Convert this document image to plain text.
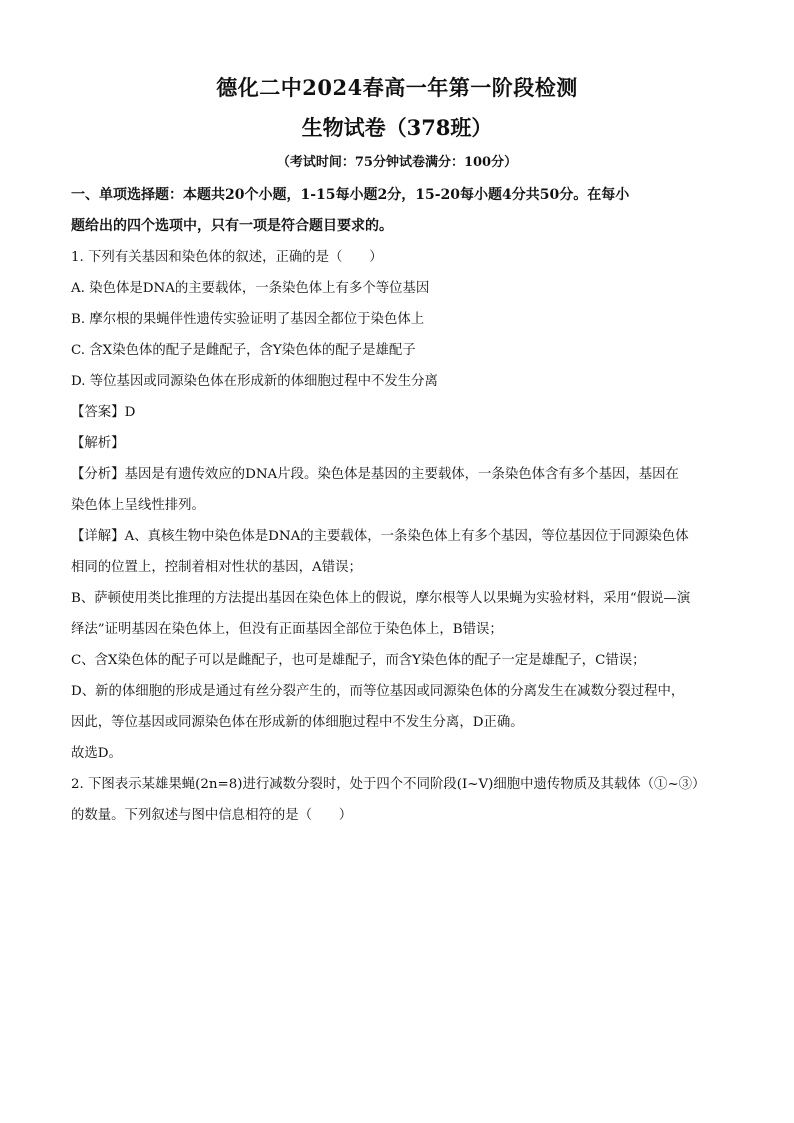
德化二中2024春高一年第一阶段检测
生物试卷（378班）
（考试时间：75分钟试卷满分：100分）
一、单项选择题：本题共20个小题，1-15每小题2分，15-20每小题4分共50分。在每小
题给出的四个选项中，只有一项是符合题目要求的。
1. 下列有关基因和染色体的叙述，正确的是（　　）
A. 染色体是DNA的主要载体，一条染色体上有多个等位基因
B. 摩尔根的果蝇伴性遗传实验证明了基因全都位于染色体上
C. 含X染色体的配子是雌配子，含Y染色体的配子是雄配子
D. 等位基因或同源染色体在形成新的体细胞过程中不发生分离
【答案】D
【解析】
【分析】基因是有遗传效应的DNA片段。染色体是基因的主要载体，一条染色体含有多个基因，基因在
染色体上呈线性排列。
【详解】A、真核生物中染色体是DNA的主要载体，一条染色体上有多个基因，等位基因位于同源染色体
相同的位置上，控制着相对性状的基因，A错误；
B、萨顿使用类比推理的方法提出基因在染色体上的假说，摩尔根等人以果蝇为实验材料，采用“假说—演
绎法”证明基因在染色体上，但没有正面基因全部位于染色体上，B错误；
C、含X染色体的配子可以是雌配子，也可是雄配子，而含Y染色体的配子一定是雄配子，C错误；
D、新的体细胞的形成是通过有丝分裂产生的，而等位基因或同源染色体的分离发生在减数分裂过程中，
因此，等位基因或同源染色体在形成新的体细胞过程中不发生分离，D正确。
故选D。
2. 下图表示某雄果蝇(2n=8)进行减数分裂时，处于四个不同阶段(Ⅰ~Ⅴ)细胞中遗传物质及其载体（①~③）
的数量。下列叙述与图中信息相符的是（　　）
